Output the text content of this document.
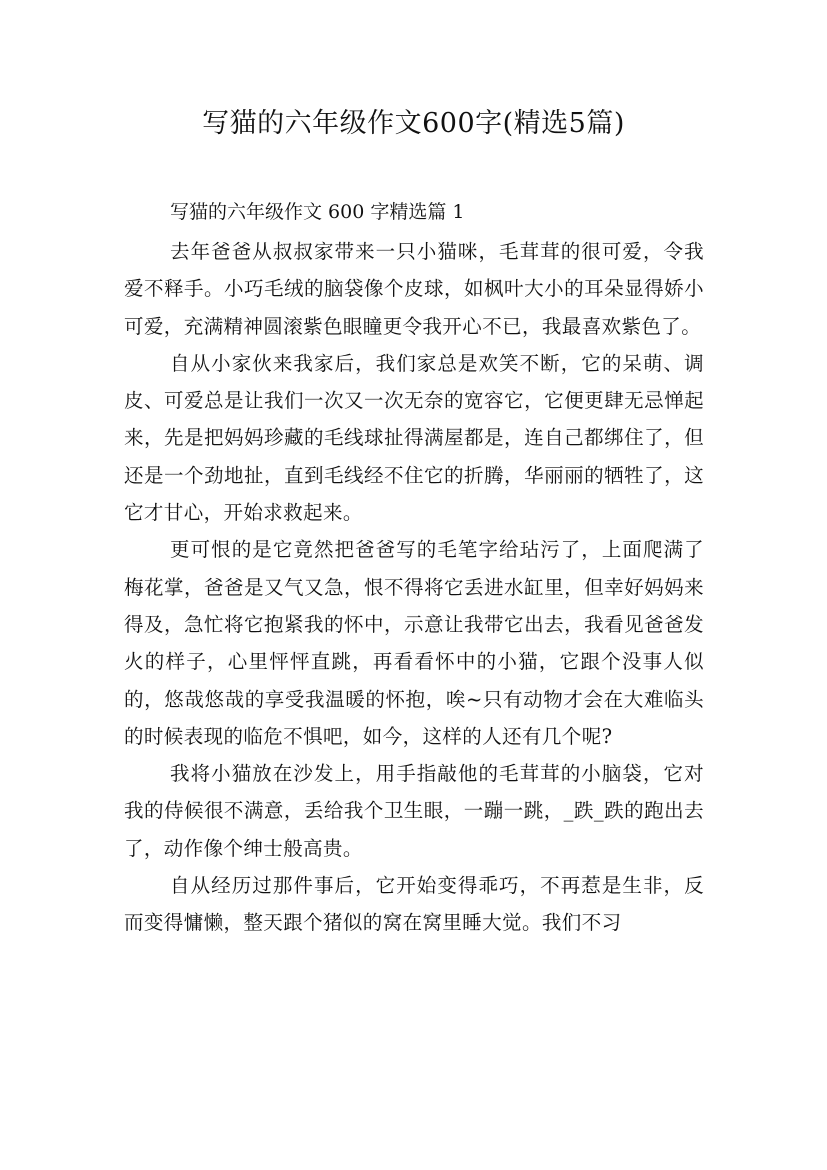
写猫的六年级作文600字(精选5篇)
写猫的六年级作文 600 字精选篇 1

去年爸爸从叔叔家带来一只小猫咪，毛茸茸的很可爱，令我爱不释手。小巧毛绒的脑袋像个皮球，如枫叶大小的耳朵显得娇小可爱，充满精神圆滚紫色眼瞳更令我开心不已，我最喜欢紫色了。

自从小家伙来我家后，我们家总是欢笑不断，它的呆萌、调皮、可爱总是让我们一次又一次无奈的宽容它，它便更肆无忌惮起来，先是把妈妈珍藏的毛线球扯得满屋都是，连自己都绑住了，但还是一个劲地扯，直到毛线经不住它的折腾，华丽丽的牺牲了，这它才甘心，开始求救起来。

更可恨的是它竟然把爸爸写的毛笔字给玷污了，上面爬满了梅花掌，爸爸是又气又急，恨不得将它丢进水缸里，但幸好妈妈来得及，急忙将它抱紧我的怀中，示意让我带它出去，我看见爸爸发火的样子，心里怦怦直跳，再看看怀中的小猫，它跟个没事人似的，悠哉悠哉的享受我温暖的怀抱，唉~只有动物才会在大难临头的时候表现的临危不惧吧，如今，这样的人还有几个呢?

我将小猫放在沙发上，用手指敲他的毛茸茸的小脑袋，它对我的侍候很不满意，丢给我个卫生眼，一蹦一跳，_跌_跌的跑出去了，动作像个绅士般高贵。

自从经历过那件事后，它开始变得乖巧，不再惹是生非，反而变得慵懒，整天跟个猪似的窝在窝里睡大觉。我们不习
